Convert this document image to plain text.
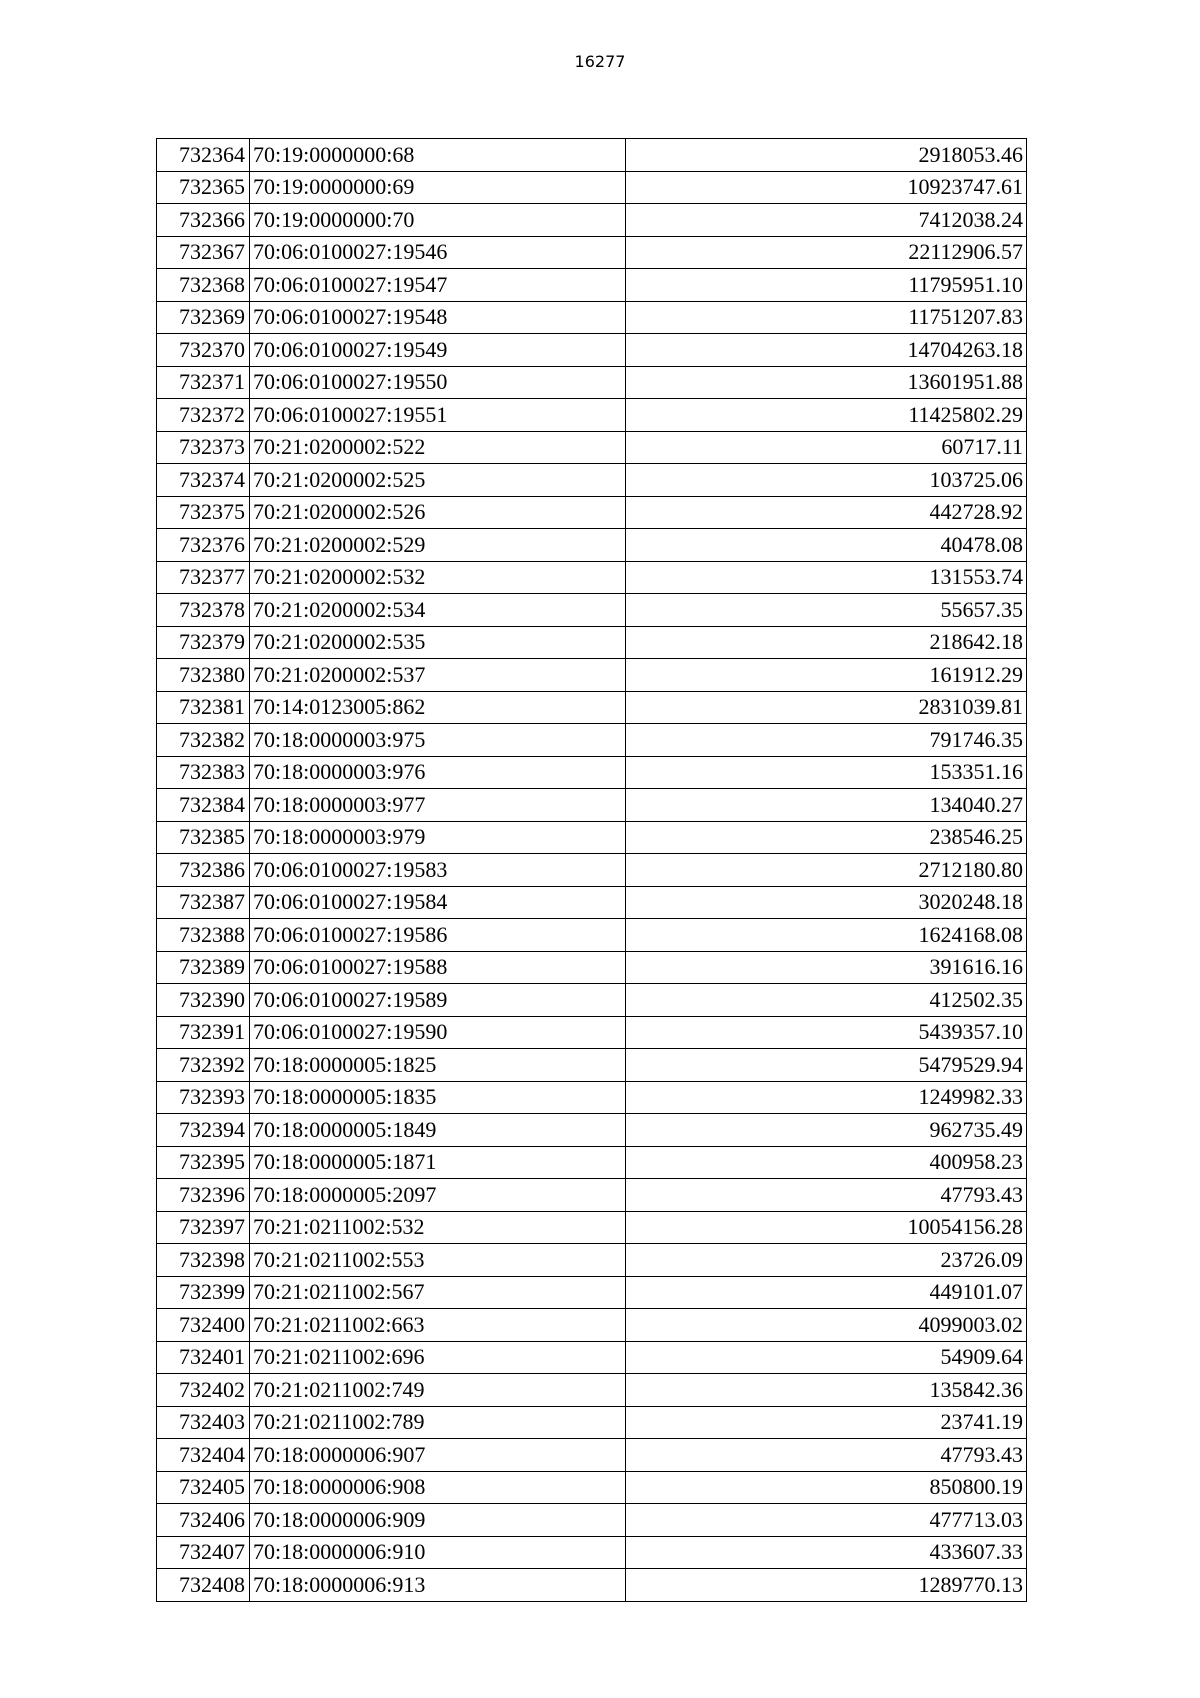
16277
732364	70:19:0000000:68	2918053.46
732365	70:19:0000000:69	10923747.61
732366	70:19:0000000:70	7412038.24
732367	70:06:0100027:19546	22112906.57
732368	70:06:0100027:19547	11795951.10
732369	70:06:0100027:19548	11751207.83
732370	70:06:0100027:19549	14704263.18
732371	70:06:0100027:19550	13601951.88
732372	70:06:0100027:19551	11425802.29
732373	70:21:0200002:522	60717.11
732374	70:21:0200002:525	103725.06
732375	70:21:0200002:526	442728.92
732376	70:21:0200002:529	40478.08
732377	70:21:0200002:532	131553.74
732378	70:21:0200002:534	55657.35
732379	70:21:0200002:535	218642.18
732380	70:21:0200002:537	161912.29
732381	70:14:0123005:862	2831039.81
732382	70:18:0000003:975	791746.35
732383	70:18:0000003:976	153351.16
732384	70:18:0000003:977	134040.27
732385	70:18:0000003:979	238546.25
732386	70:06:0100027:19583	2712180.80
732387	70:06:0100027:19584	3020248.18
732388	70:06:0100027:19586	1624168.08
732389	70:06:0100027:19588	391616.16
732390	70:06:0100027:19589	412502.35
732391	70:06:0100027:19590	5439357.10
732392	70:18:0000005:1825	5479529.94
732393	70:18:0000005:1835	1249982.33
732394	70:18:0000005:1849	962735.49
732395	70:18:0000005:1871	400958.23
732396	70:18:0000005:2097	47793.43
732397	70:21:0211002:532	10054156.28
732398	70:21:0211002:553	23726.09
732399	70:21:0211002:567	449101.07
732400	70:21:0211002:663	4099003.02
732401	70:21:0211002:696	54909.64
732402	70:21:0211002:749	135842.36
732403	70:21:0211002:789	23741.19
732404	70:18:0000006:907	47793.43
732405	70:18:0000006:908	850800.19
732406	70:18:0000006:909	477713.03
732407	70:18:0000006:910	433607.33
732408	70:18:0000006:913	1289770.13
